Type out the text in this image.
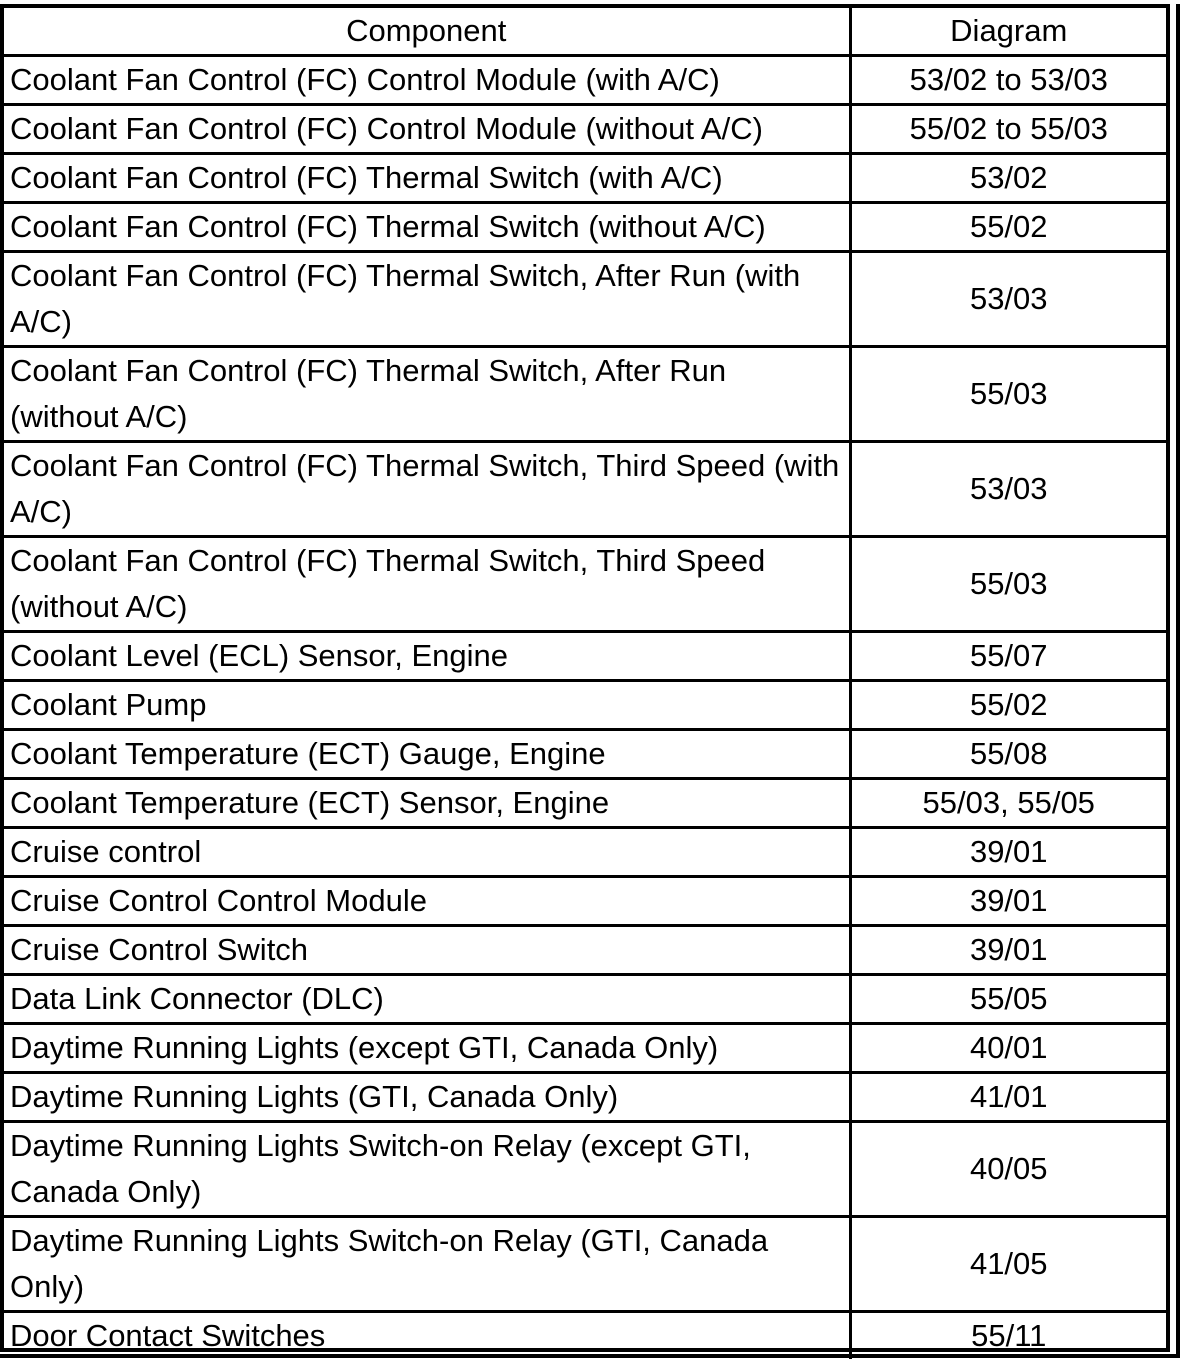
Component	Diagram
Coolant Fan Control (FC) Control Module (with A/C)	53/02 to 53/03
Coolant Fan Control (FC) Control Module (without A/C)	55/02 to 55/03
Coolant Fan Control (FC) Thermal Switch (with A/C)	53/02
Coolant Fan Control (FC) Thermal Switch (without A/C)	55/02
Coolant Fan Control (FC) Thermal Switch, After Run (with A/C)	53/03
Coolant Fan Control (FC) Thermal Switch, After Run (without A/C)	55/03
Coolant Fan Control (FC) Thermal Switch, Third Speed (with A/C)	53/03
Coolant Fan Control (FC) Thermal Switch, Third Speed (without A/C)	55/03
Coolant Level (ECL) Sensor, Engine	55/07
Coolant Pump	55/02
Coolant Temperature (ECT) Gauge, Engine	55/08
Coolant Temperature (ECT) Sensor, Engine	55/03, 55/05
Cruise control	39/01
Cruise Control Control Module	39/01
Cruise Control Switch	39/01
Data Link Connector (DLC)	55/05
Daytime Running Lights (except GTI, Canada Only)	40/01
Daytime Running Lights (GTI, Canada Only)	41/01
Daytime Running Lights Switch-on Relay (except GTI, Canada Only)	40/05
Daytime Running Lights Switch-on Relay (GTI, Canada Only)	41/05
Door Contact Switches	55/11
